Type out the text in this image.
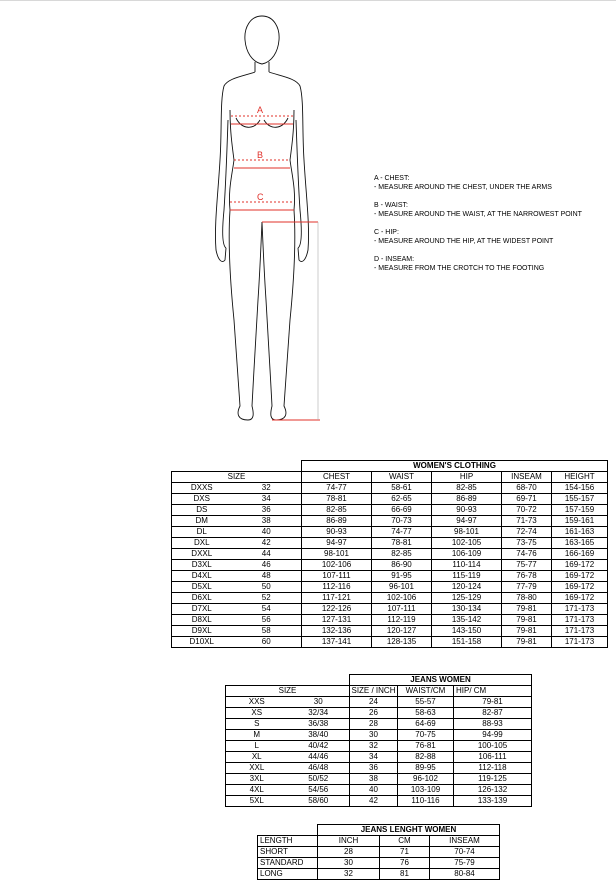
A
B
C
A - CHEST:
- MEASURE AROUND THE CHEST, UNDER THE ARMS
B - WAIST:
- MEASURE AROUND THE WAIST, AT THE NARROWEST POINT
C - HIP:
- MEASURE AROUND THE HIP, AT THE WIDEST POINT
D - INSEAM:
- MEASURE FROM THE CROTCH TO THE FOOTING
		WOMEN'S CLOTHING				
SIZE		CHEST	WAIST	HIP	INSEAM	HEIGHT
DXXS	32	74-77	58-61	82-85	68-70	154-156
DXS	34	78-81	62-65	86-89	69-71	155-157
DS	36	82-85	66-69	90-93	70-72	157-159
DM	38	86-89	70-73	94-97	71-73	159-161
DL	40	90-93	74-77	98-101	72-74	161-163
DXL	42	94-97	78-81	102-105	73-75	163-165
DXXL	44	98-101	82-85	106-109	74-76	166-169
D3XL	46	102-106	86-90	110-114	75-77	169-172
D4XL	48	107-111	91-95	115-119	76-78	169-172
D5XL	50	112-116	96-101	120-124	77-79	169-172
D6XL	52	117-121	102-106	125-129	78-80	169-172
D7XL	54	122-126	107-111	130-134	79-81	171-173
D8XL	56	127-131	112-119	135-142	79-81	171-173
D9XL	58	132-136	120-127	143-150	79-81	171-173
D10XL	60	137-141	128-135	151-158	79-81	171-173
		JEANS WOMEN		
SIZE		SIZE / INCH	WAIST/CM	HIP/ CM
XXS	30	24	55-57	79-81
XS	32/34	26	58-63	82-87
S	36/38	28	64-69	88-93
M	38/40	30	70-75	94-99
L	40/42	32	76-81	100-105
XL	44/46	34	82-88	106-111
XXL	46/48	36	89-95	112-118
3XL	50/52	38	96-102	119-125
4XL	54/56	40	103-109	126-132
5XL	58/60	42	110-116	133-139
	JEANS LENGHT WOMEN		
LENGTH	INCH	CM	INSEAM
SHORT	28	71	70-74
STANDARD	30	76	75-79
LONG	32	81	80-84
